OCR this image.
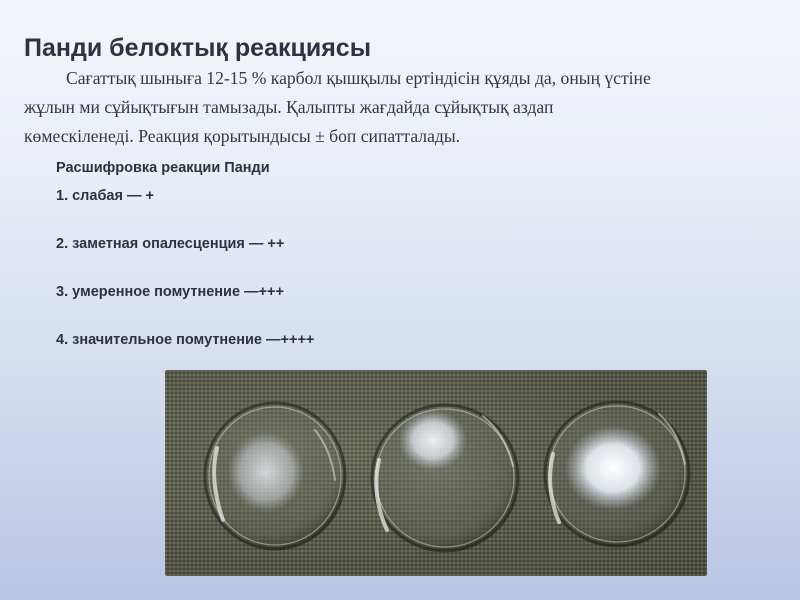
Панди белоктық реакциясы

Сағаттық шыныға 12-15 % карбол қышқылы ертіндісін құяды да, оның үстіне
жұлын ми сұйықтығын тамызады. Қалыпты жағдайда сұйықтық аздап
көмескіленеді. Реакция қорытындысы ± боп сипатталады.

Расшифровка реакции Панди
1. слабая — +
2. заметная опалесценция — ++
3. умеренное помутнение —+++
4. значительное помутнение —++++
